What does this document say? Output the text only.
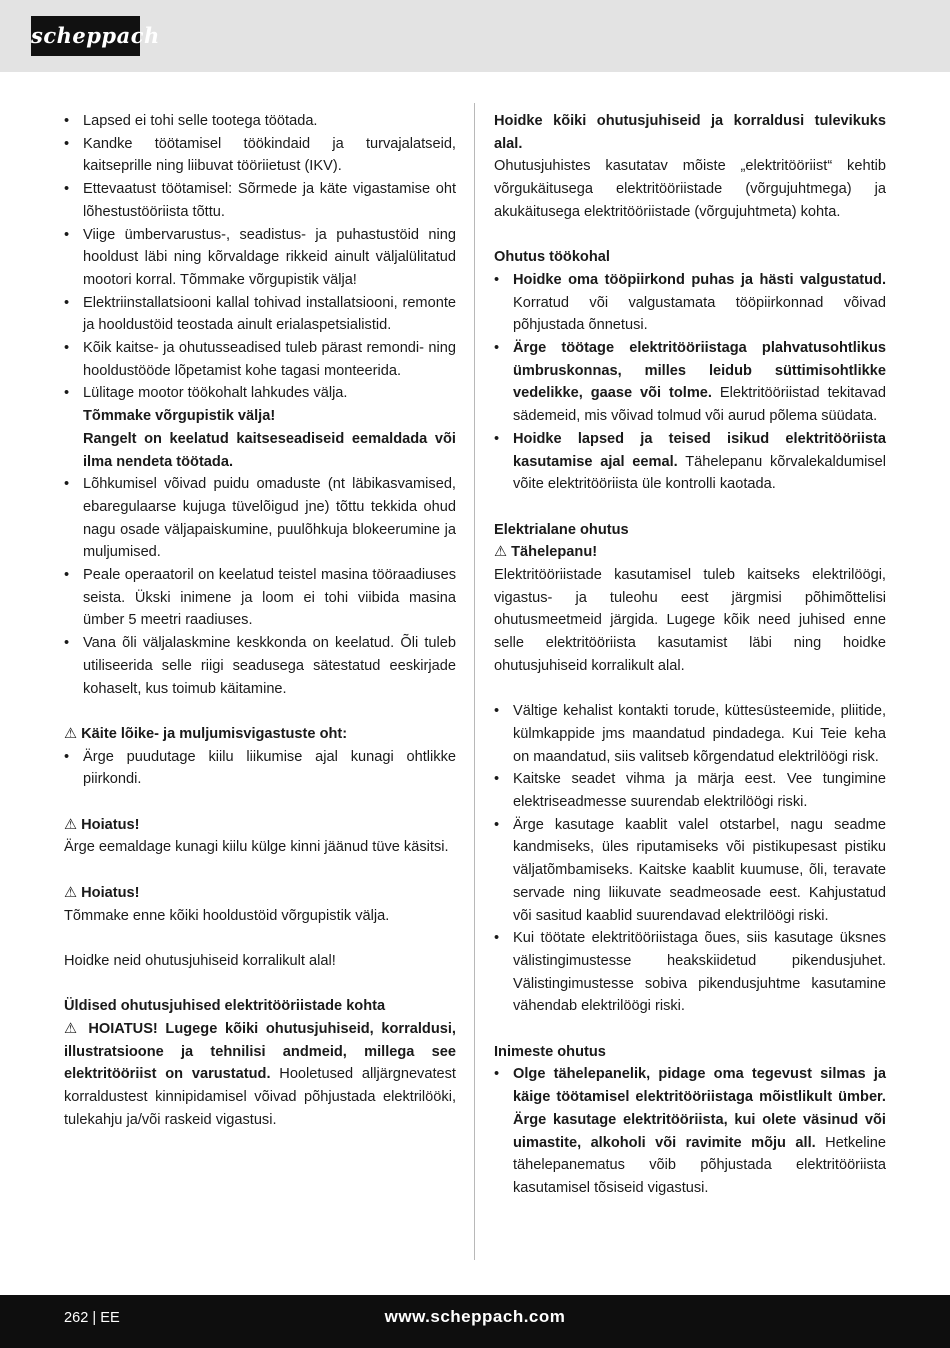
scheppach
• Lapsed ei tohi selle tootega töötada.
• Kandke töötamisel töökindaid ja turvajalatseid, kaitseprille ning liibuvat tööriietust (IKV).
• Ettevaatust töötamisel: Sõrmede ja käte vigastamise oht lõhestustööriista tõttu.
• Viige ümbervarustus-, seadistus- ja puhastustöid ning hooldust läbi ning kõrvaldage rikkeid ainult väljalülitatud mootori korral. Tõmmake võrgupistik välja!
• Elektriinstallatsiooni kallal tohivad installatsiooni, remonte ja hooldustöid teostada ainult erialaspetsialistid.
• Kõik kaitse- ja ohutusseadised tuleb pärast remondi- ning hooldustööde lõpetamist kohe tagasi monteerida.
• Lülitage mootor töökohalt lahkudes välja.

Tõmmake võrgupistik välja!

Rangelt on keelatud kaitseseadiseid eemaldada või ilma nendeta töötada.

• Lõhkumisel võivad puidu omaduste (nt läbikasvamised, ebaregulaarse kujuga tüvelõigud jne) tõttu tekkida ohud nagu osade väljapaiskumine, puulõhkuja blokeerumine ja muljumised.
• Peale operaatoril on keelatud teistel masina tööraadiuses seista. Ükski inimene ja loom ei tohi viibida masina ümber 5 meetri raadiuses.
• Vana õli väljalaskmine keskkonda on keelatud. Õli tuleb utiliseerida selle riigi seadusega sätestatud eeskirjade kohaselt, kus toimub käitamine.

⚠ Käite lõike- ja muljumisvigastuste oht:

• Ärge puudutage kiilu liikumise ajal kunagi ohtlikke piirkondi.

⚠ Hoiatus!

Ärge eemaldage kunagi kiilu külge kinni jäänud tüve käsitsi.

⚠ Hoiatus!

Tõmmake enne kõiki hooldustöid võrgupistik välja.

Hoidke neid ohutusjuhiseid korralikult alal!

Üldised ohutusjuhised elektritööriistade kohta

⚠ HOIATUS! Lugege kõiki ohutusjuhiseid, korraldusi, illustratsioone ja tehnilisi andmeid, millega see elektritööriist on varustatud. Hooletused alljärgnevatest korraldustest kinnipidamisel võivad põhjustada elektrilööki, tulekahju ja/või raskeid vigastusi.

Hoidke kõiki ohutusjuhiseid ja korraldusi tulevikuks alal.

Ohutusjuhistes kasutatav mõiste „elektritööriist“ kehtib võrgukäitusega elektritööriistade (võrgujuhtmega) ja akukäitusega elektritööriistade (võrgujuhtmeta) kohta.

Ohutus töökohal

• Hoidke oma tööpiirkond puhas ja hästi valgustatud. Korratud või valgustamata tööpiirkonnad võivad põhjustada õnnetusi.
• Ärge töötage elektritööriistaga plahvatusohtlikus ümbruskonnas, milles leidub süttimisohtlikke vedelikke, gaase või tolme. Elektritööriistad tekitavad sädemeid, mis võivad tolmud või aurud põlema süüdata.
• Hoidke lapsed ja teised isikud elektritööriista kasutamise ajal eemal. Tähelepanu kõrvalekaldumisel võite elektritööriista üle kontrolli kaotada.

Elektrialane ohutus

⚠ Tähelepanu!

Elektritööriistade kasutamisel tuleb kaitseks elektrilöögi, vigastus- ja tuleohu eest järgmisi põhimõttelisi ohutusmeetmeid järgida. Lugege kõik need juhised enne selle elektritööriista kasutamist läbi ning hoidke ohutusjuhiseid korralikult alal.

• Vältige kehalist kontakti torude, küttesüsteemide, pliitide, külmkappide jms maandatud pindadega. Kui Teie keha on maandatud, siis valitseb kõrgendatud elektrilöögi risk.
• Kaitske seadet vihma ja märja eest. Vee tungimine elektriseadmesse suurendab elektrilöögi riski.
• Ärge kasutage kaablit valel otstarbel, nagu seadme kandmiseks, üles riputamiseks või pistikupesast pistiku väljatõmbamiseks. Kaitske kaablit kuumuse, õli, teravate servade ning liikuvate seadmeosade eest. Kahjustatud või sasitud kaablid suurendavad elektrilöögi riski.
• Kui töötate elektritööriistaga õues, siis kasutage üksnes välistingimustesse heakskiidetud pikendusjuhet. Välistingimustesse sobiva pikendusjuhtme kasutamine vähendab elektrilöögi riski.

Inimeste ohutus

• Olge tähelepanelik, pidage oma tegevust silmas ja käige töötamisel elektritööriistaga mõistlikult ümber. Ärge kasutage elektritööriista, kui olete väsinud või uimastite, alkoholi või ravimite mõju all. Hetkeline tähelepanematus võib põhjustada elektritööriista kasutamisel tõsiseid vigastusi.
262 | EE	www.scheppach.com
